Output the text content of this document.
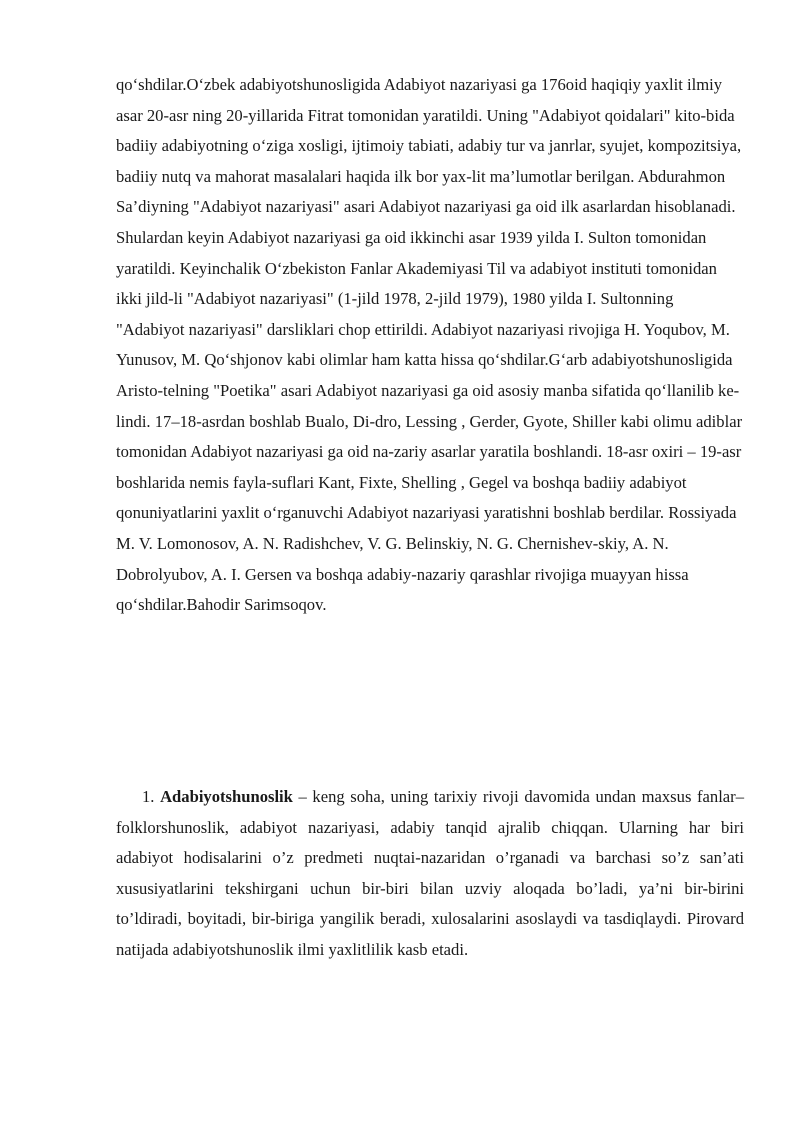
qo‘shdilar.O‘zbek adabiyotshunosligida Adabiyot nazariyasi ga 176oid haqiqiy yaxlit ilmiy asar 20-asr ning 20-yillarida Fitrat tomonidan yaratildi. Uning "Adabiyot qoidalari" kito-bida badiiy adabiyotning o‘ziga xosligi, ijtimoiy tabiati, adabiy tur va janrlar, syujet, kompozitsiya, badiiy nutq va mahorat masalalari haqida ilk bor yax-lit ma’lumotlar berilgan. Abdurahmon Sa’diyning "Adabiyot nazariyasi" asari Adabiyot nazariyasi ga oid ilk asarlardan hisoblanadi. Shulardan keyin Adabiyot nazariyasi ga oid ikkinchi asar 1939 yilda I. Sulton tomonidan yaratildi. Keyinchalik O‘zbekiston Fanlar Akademiyasi Til va adabiyot instituti tomonidan ikki jild-li "Adabiyot nazariyasi" (1-jild 1978, 2-jild 1979), 1980 yilda I. Sultonning "Adabiyot nazariyasi" darsliklari chop ettirildi. Adabiyot nazariyasi rivojiga H. Yoqubov, M. Yunusov, M. Qo‘shjonov kabi olimlar ham katta hissa qo‘shdilar.G‘arb adabiyotshunosligida Aristo-telning "Poetika" asari Adabiyot nazariyasi ga oid asosiy manba sifatida qo‘llanilib ke-lindi. 17–18-asrdan boshlab Bualo, Di-dro, Lessing , Gerder, Gyote, Shiller kabi olimu adiblar tomonidan Adabiyot nazariyasi ga oid na-zariy asarlar yaratila boshlandi. 18-asr oxiri – 19-asr boshlarida nemis fayla-suflari Kant, Fixte, Shelling , Gegel va boshqa badiiy adabiyot qonuniyatlarini yaxlit o‘rganuvchi Adabiyot nazariyasi yaratishni boshlab berdilar. Rossiyada M. V. Lomonosov, A. N. Radishchev, V. G. Belinskiy, N. G. Chernishev-skiy, A. N. Dobrolyubov, A. I. Gersen va boshqa adabiy-nazariy qarashlar rivojiga muayyan hissa qo‘shdilar.Bahodir Sarimsoqov.

1. Adabiyotshunoslik – keng soha, uning tarixiy rivoji davomida undan maxsus fanlar– folklorshunoslik, adabiyot nazariyasi, adabiy tanqid ajralib chiqqan. Ularning har biri adabiyot hodisalarini o’z predmeti nuqtai-nazaridan o’rganadi va barchasi so’z san’ati xususiyatlarini tekshirgani uchun bir-biri bilan uzviy aloqada bo’ladi, ya’ni bir-birini to’ldiradi, boyitadi, bir-biriga yangilik beradi, xulosalarini asoslaydi va tasdiqlaydi. Pirovard natijada adabiyotshunoslik ilmi yaxlitlilik kasb etadi.
